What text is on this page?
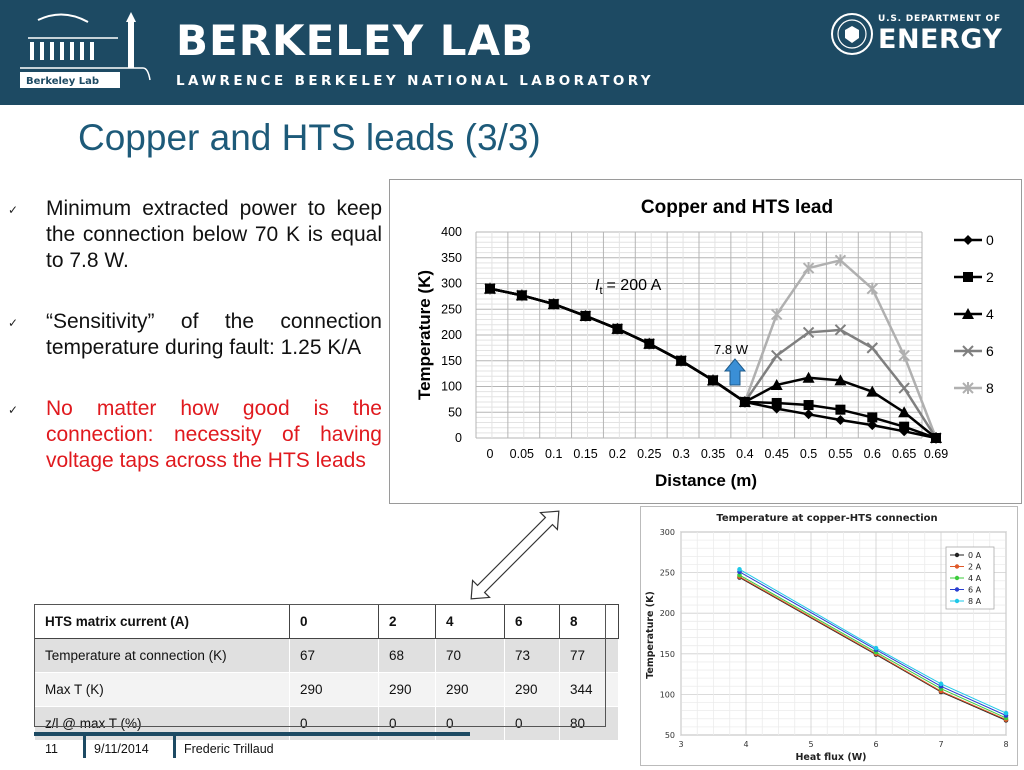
Berkeley Lab
BERKELEY LAB
LAWRENCE BERKELEY NATIONAL LABORATORY
U.S. DEPARTMENT OF
ENERGY
Copper and HTS leads (3/3)
✓ Minimum extracted power to keep the connection below 70 K is equal to 7.8 W.
✓ “Sensitivity” of the connection temperature during fault: 1.25 K/A
✓ No matter how good is the connection: necessity of having voltage taps across the HTS leads
Copper and HTS lead
Temperature (K)
Distance (m)
0
50
100
150
200
250
300
350
400
0 0.05 0.1 0.15 0.2 0.25 0.3 0.35 0.4 0.45 0.5 0.55 0.6 0.65 0.69
0
2
4
6
8
$I_t = 200$ A
7.8 W
HTS matrix current (A)	0	2	4	6	8
Temperature at connection (K)	67	68	70	73	77
Max T (K)	290	290	290	290	344
z/l @ max T (%)	0	0	0	0	80
Temperature at copper-HTS connection
Temperature (K)
Heat flux (W)
50
100
150
200
250
300
3	4	5	6	7	8
0 A
2 A
4 A
6 A
8 A
11	9/11/2014	Frederic Trillaud
